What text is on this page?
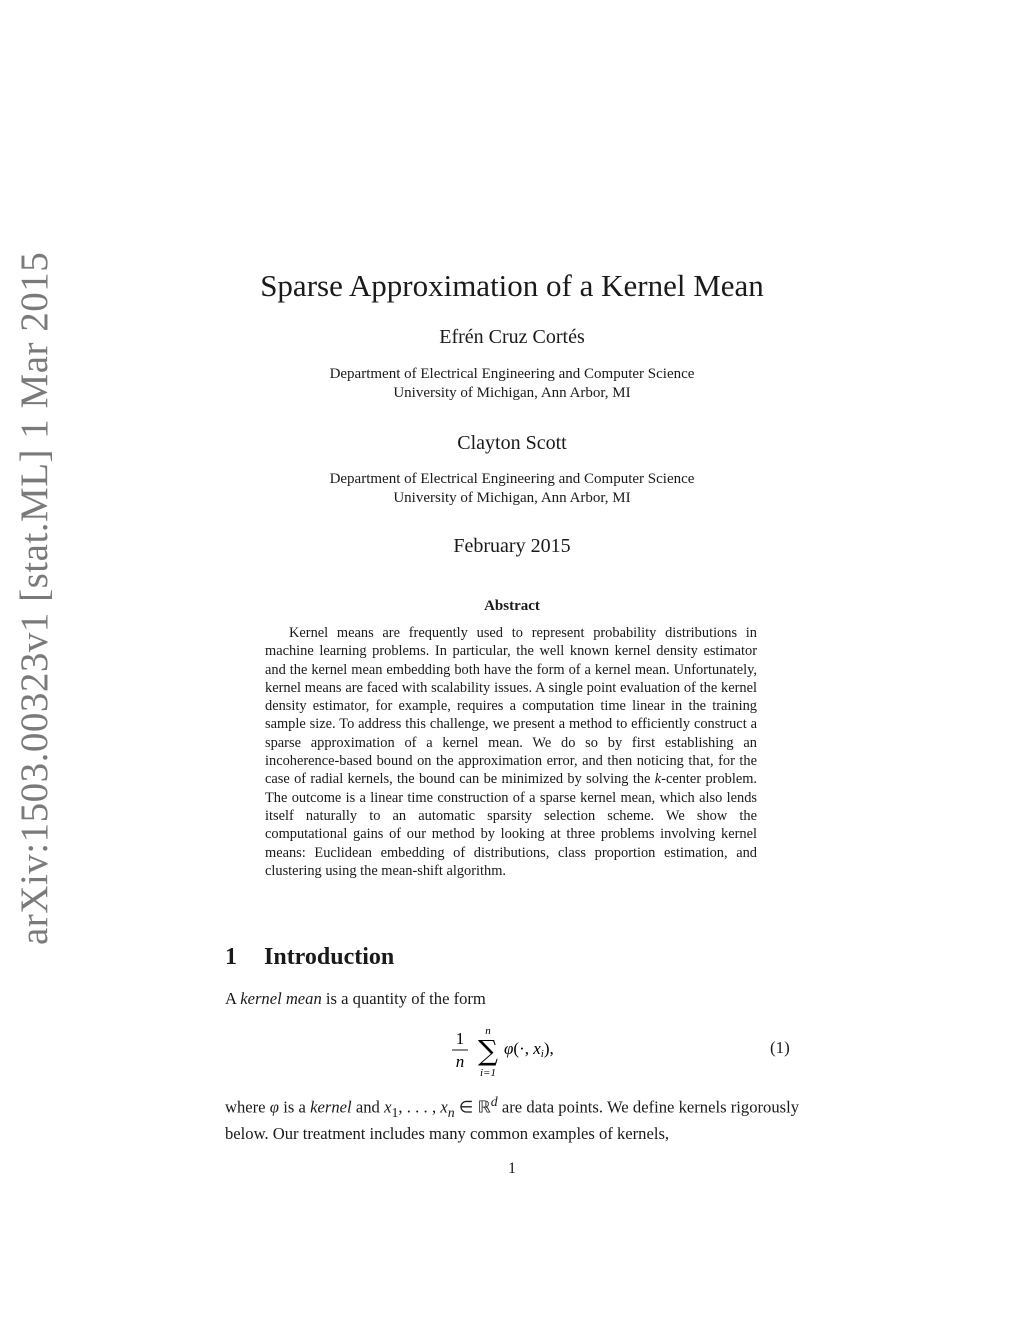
arXiv:1503.00323v1 [stat.ML] 1 Mar 2015	Sparse Approximation of a Kernel Mean
Efrén Cruz Cortés
Department of Electrical Engineering and Computer Science
University of Michigan, Ann Arbor, MI
Clayton Scott
Department of Electrical Engineering and Computer Science
University of Michigan, Ann Arbor, MI
February 2015
Abstract

Kernel means are frequently used to represent probability distributions in machine learning problems. In particular, the well known kernel density estimator and the kernel mean embedding both have the form of a kernel mean. Unfortunately, kernel means are faced with scalability issues. A single point evaluation of the kernel density estimator, for example, requires a computation time linear in the training sample size. To address this challenge, we present a method to efficiently construct a sparse approximation of a kernel mean. We do so by first establishing an incoherence-based bound on the approximation error, and then noticing that, for the case of radial kernels, the bound can be minimized by solving the k-center problem. The outcome is a linear time construction of a sparse kernel mean, which also lends itself naturally to an automatic sparsity selection scheme. We show the computational gains of our method by looking at three problems involving kernel means: Euclidean embedding of distributions, class proportion estimation, and clustering using the mean-shift algorithm.

1 Introduction

A kernel mean is a quantity of the form

1
n
n
∑
i=1
φ(·, xi),	(1)

where φ is a kernel and $x_1$, . . . , $x_n$ ∈ ℝ$^d$ are data points. We define kernels rigorously below. Our treatment includes many common examples of kernels,

1
